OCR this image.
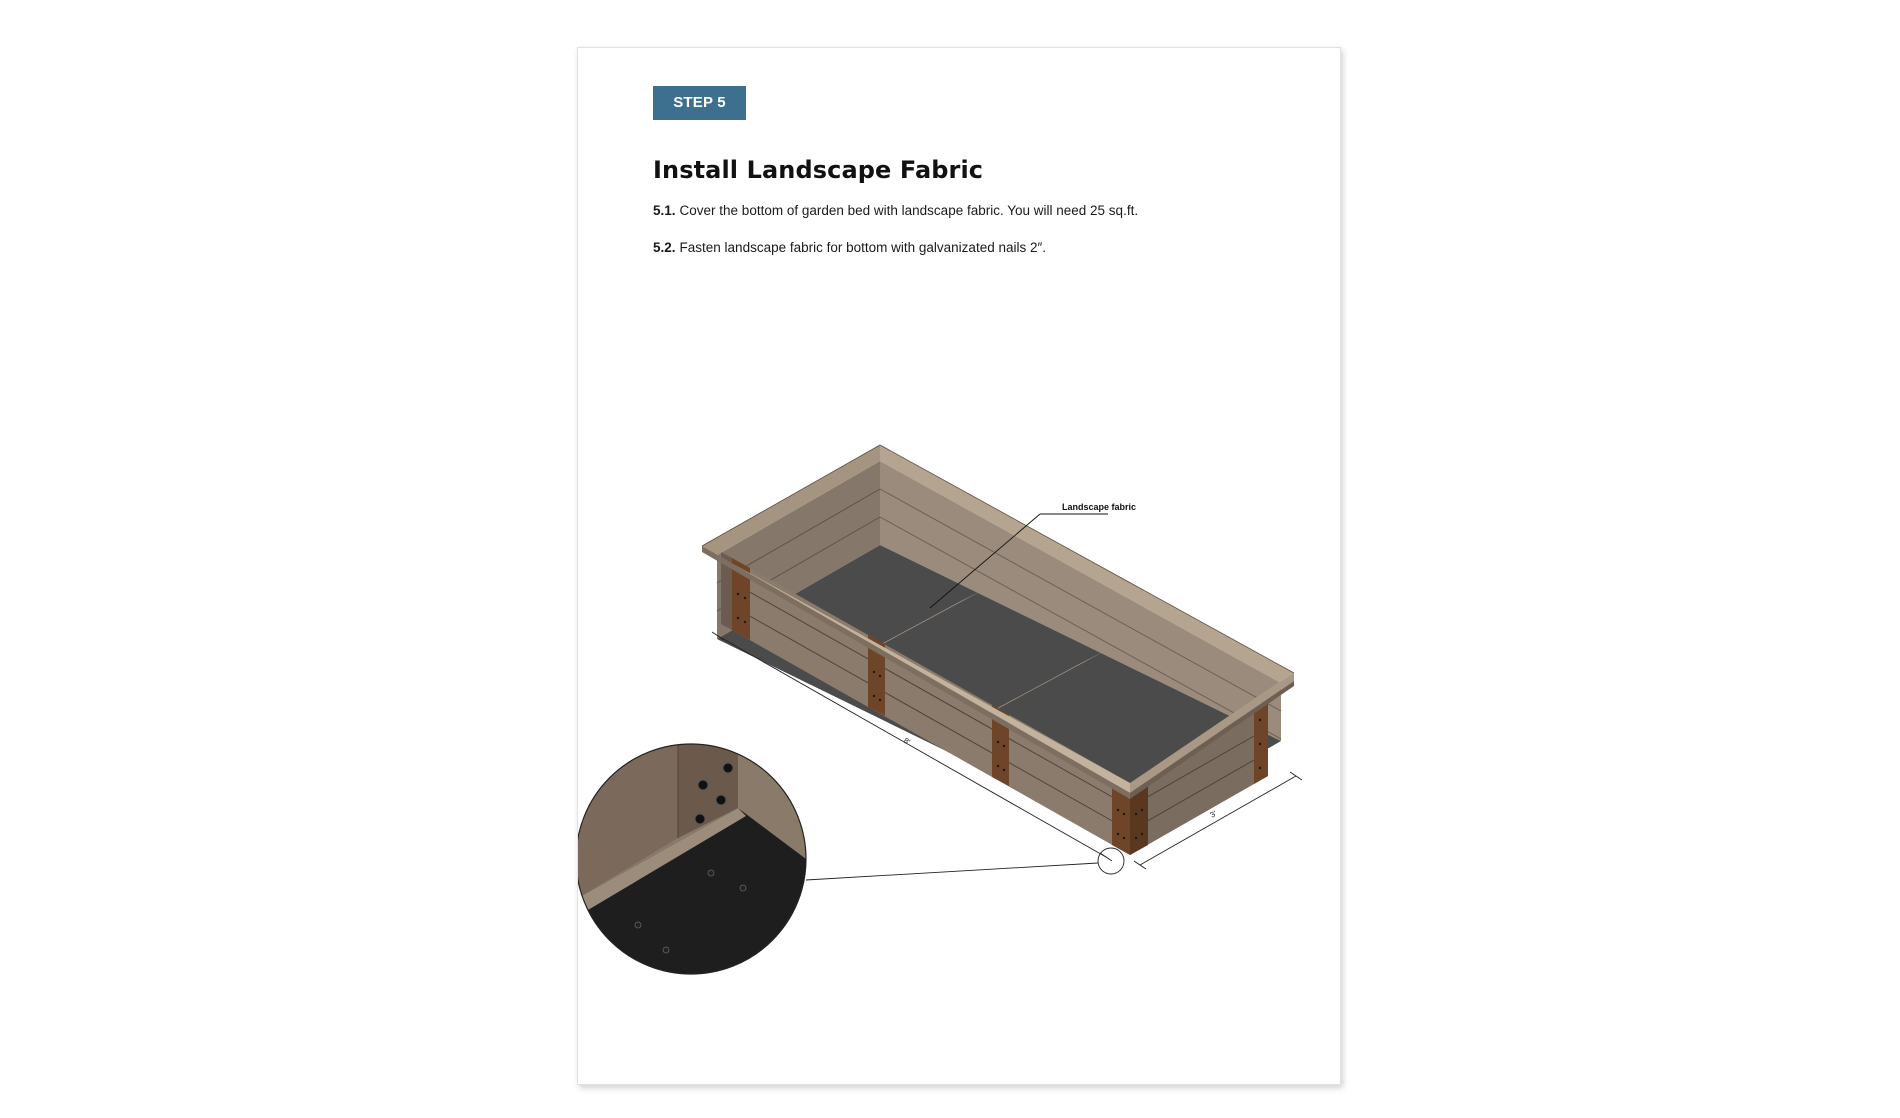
STEP 5
Install Landscape Fabric
5.1. Cover the bottom of garden bed with landscape fabric. You will need 25 sq.ft.
5.2. Fasten landscape fabric for bottom with galvanizated nails 2″.
8'
3'
Landscape fabric
